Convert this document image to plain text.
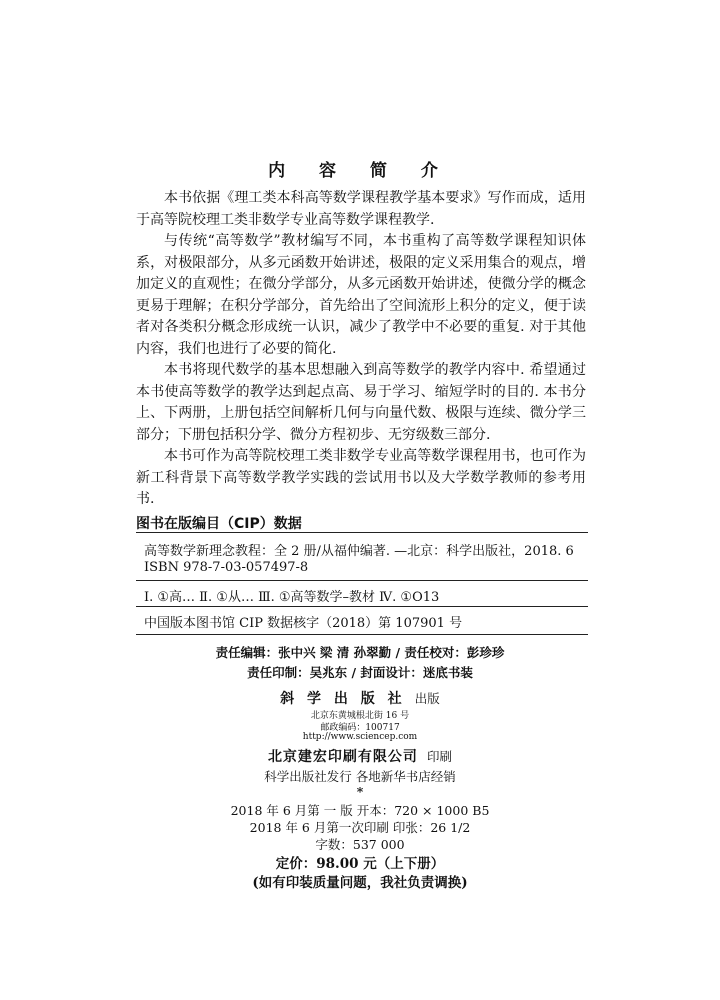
内 容 简 介

本书依据《理工类本科高等数学课程教学基本要求》写作而成，适用于高等院校理工类非数学专业高等数学课程教学.

与传统“高等数学”教材编写不同，本书重构了高等数学课程知识体系，对极限部分，从多元函数开始讲述，极限的定义采用集合的观点，增加定义的直观性；在微分学部分，从多元函数开始讲述，使微分学的概念更易于理解；在积分学部分，首先给出了空间流形上积分的定义，便于读者对各类积分概念形成统一认识，减少了教学中不必要的重复. 对于其他内容，我们也进行了必要的简化.

本书将现代数学的基本思想融入到高等数学的教学内容中. 希望通过本书使高等数学的教学达到起点高、易于学习、缩短学时的目的. 本书分上、下两册，上册包括空间解析几何与向量代数、极限与连续、微分学三部分；下册包括积分学、微分方程初步、无穷级数三部分.

本书可作为高等院校理工类非数学专业高等数学课程用书，也可作为新工科背景下高等数学教学实践的尝试用书以及大学数学教师的参考用书.

图书在版编目（CIP）数据
高等数学新理念教程：全 2 册/从福仲编著. —北京：科学出版社，2018. 6
ISBN 978-7-03-057497-8
Ⅰ. ①高… Ⅱ. ①从… Ⅲ. ①高等数学–教材 Ⅳ. ①O13
中国版本图书馆 CIP 数据核字（2018）第 107901 号
责任编辑：张中兴 梁 清 孙翠勤 / 责任校对：彭珍珍
责任印制：吴兆东 / 封面设计：迷底书装
斜 学 出 版 社 出版
北京东黄城根北街 16 号
邮政编码：100717
http://www.sciencep.com
北京建宏印刷有限公司 印刷
科学出版社发行 各地新华书店经销
*
2018 年 6 月第 一 版 开本：720 × 1000 B5
2018 年 6 月第一次印刷 印张：26 1/2
字数：537 000
定价：98.00 元（上下册）
(如有印装质量问题，我社负责调换)
